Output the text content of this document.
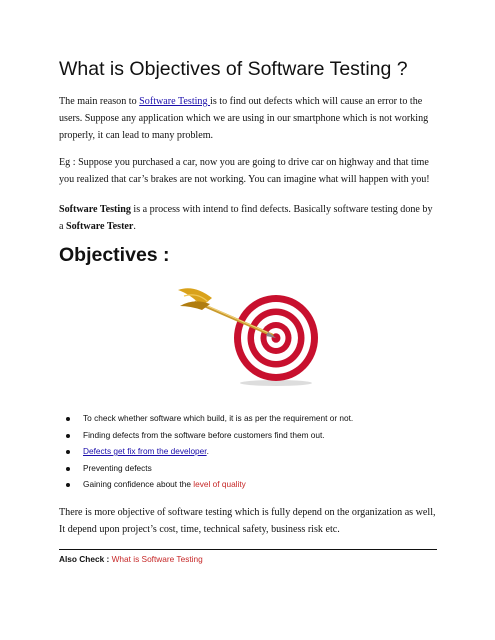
What is Objectives of Software Testing ?

The main reason to Software Testing is to find out defects which will cause an error to the users. Suppose any application which we are using in our smartphone which is not working properly, it can lead to many problem.

Eg : Suppose you purchased a car, now you are going to drive car on highway and that time you realized that car’s brakes are not working. You can imagine what will happen with you!

Software Testing is a process with intend to find defects. Basically software testing done by a Software Tester.

Objectives :
To check whether software which build, it is as per the requirement or not.
Finding defects from the software before customers find them out.
Defects get fix from the developer.
Preventing defects
Gaining confidence about the level of quality

There is more objective of software testing which is fully depend on the organization as well, It depend upon project’s cost, time, technical safety, business risk etc.

Also Check : What is Software Testing
